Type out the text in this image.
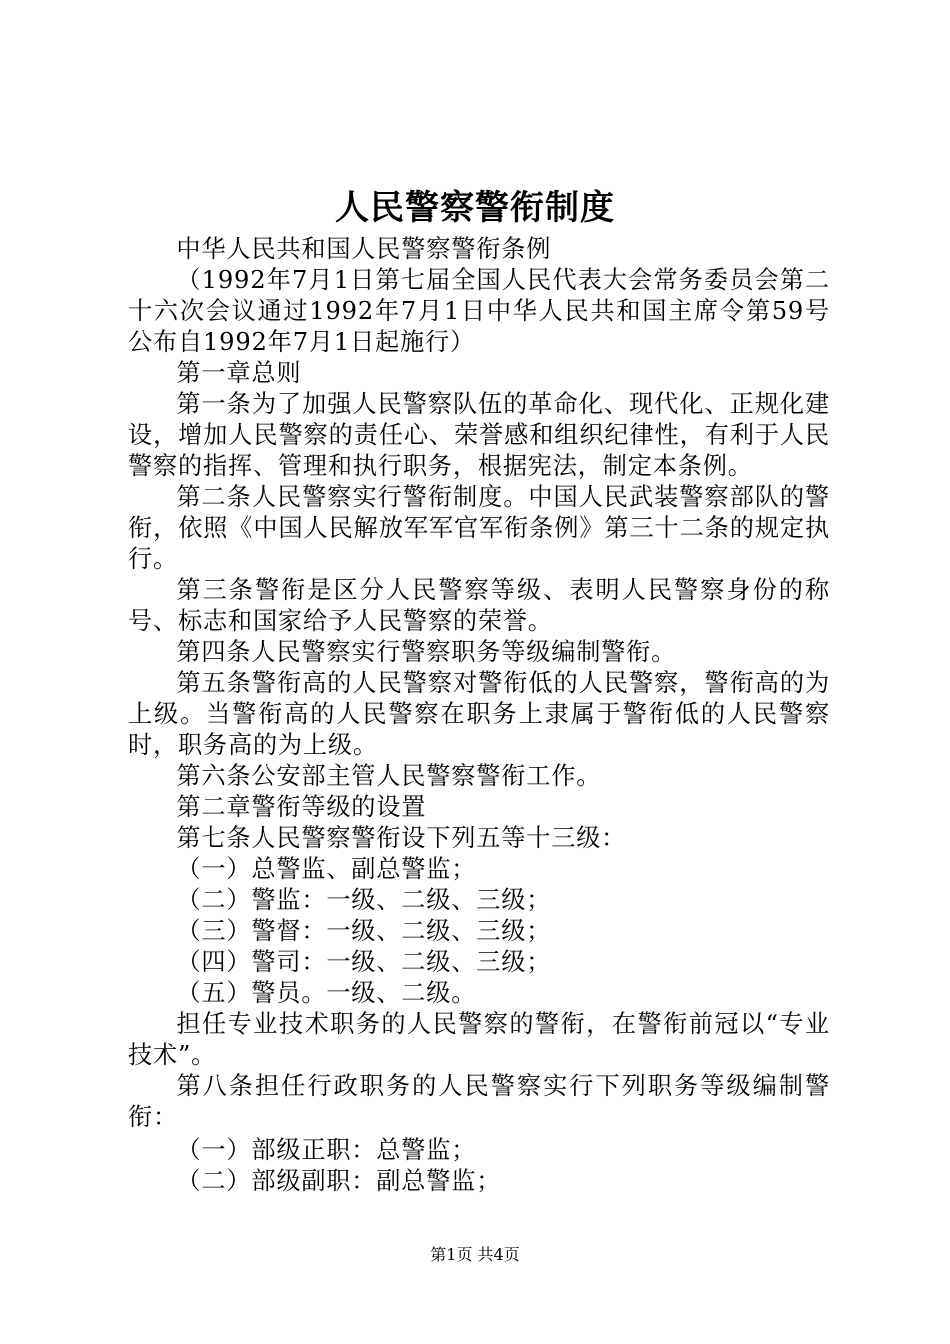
人民警察警衔制度

中华人民共和国人民警察警衔条例

（1992年7月1日第七届全国人民代表大会常务委员会第二十六次会议通过1992年7月1日中华人民共和国主席令第59号公布自1992年7月1日起施行）

第一章总则

第一条为了加强人民警察队伍的革命化、现代化、正规化建设，增加人民警察的责任心、荣誉感和组织纪律性，有利于人民警察的指挥、管理和执行职务，根据宪法，制定本条例。

第二条人民警察实行警衔制度。中国人民武装警察部队的警衔，依照《中国人民解放军军官军衔条例》第三十二条的规定执行。

第三条警衔是区分人民警察等级、表明人民警察身份的称号、标志和国家给予人民警察的荣誉。

第四条人民警察实行警察职务等级编制警衔。

第五条警衔高的人民警察对警衔低的人民警察，警衔高的为上级。当警衔高的人民警察在职务上隶属于警衔低的人民警察时，职务高的为上级。

第六条公安部主管人民警察警衔工作。

第二章警衔等级的设置

第七条人民警察警衔设下列五等十三级：

（一）总警监、副总警监；

（二）警监：一级、二级、三级；

（三）警督：一级、二级、三级；

（四）警司：一级、二级、三级；

（五）警员。一级、二级。

担任专业技术职务的人民警察的警衔，在警衔前冠以“专业技术”。

第八条担任行政职务的人民警察实行下列职务等级编制警衔：

（一）部级正职：总警监；

（二）部级副职：副总警监；

第1页 共4页
